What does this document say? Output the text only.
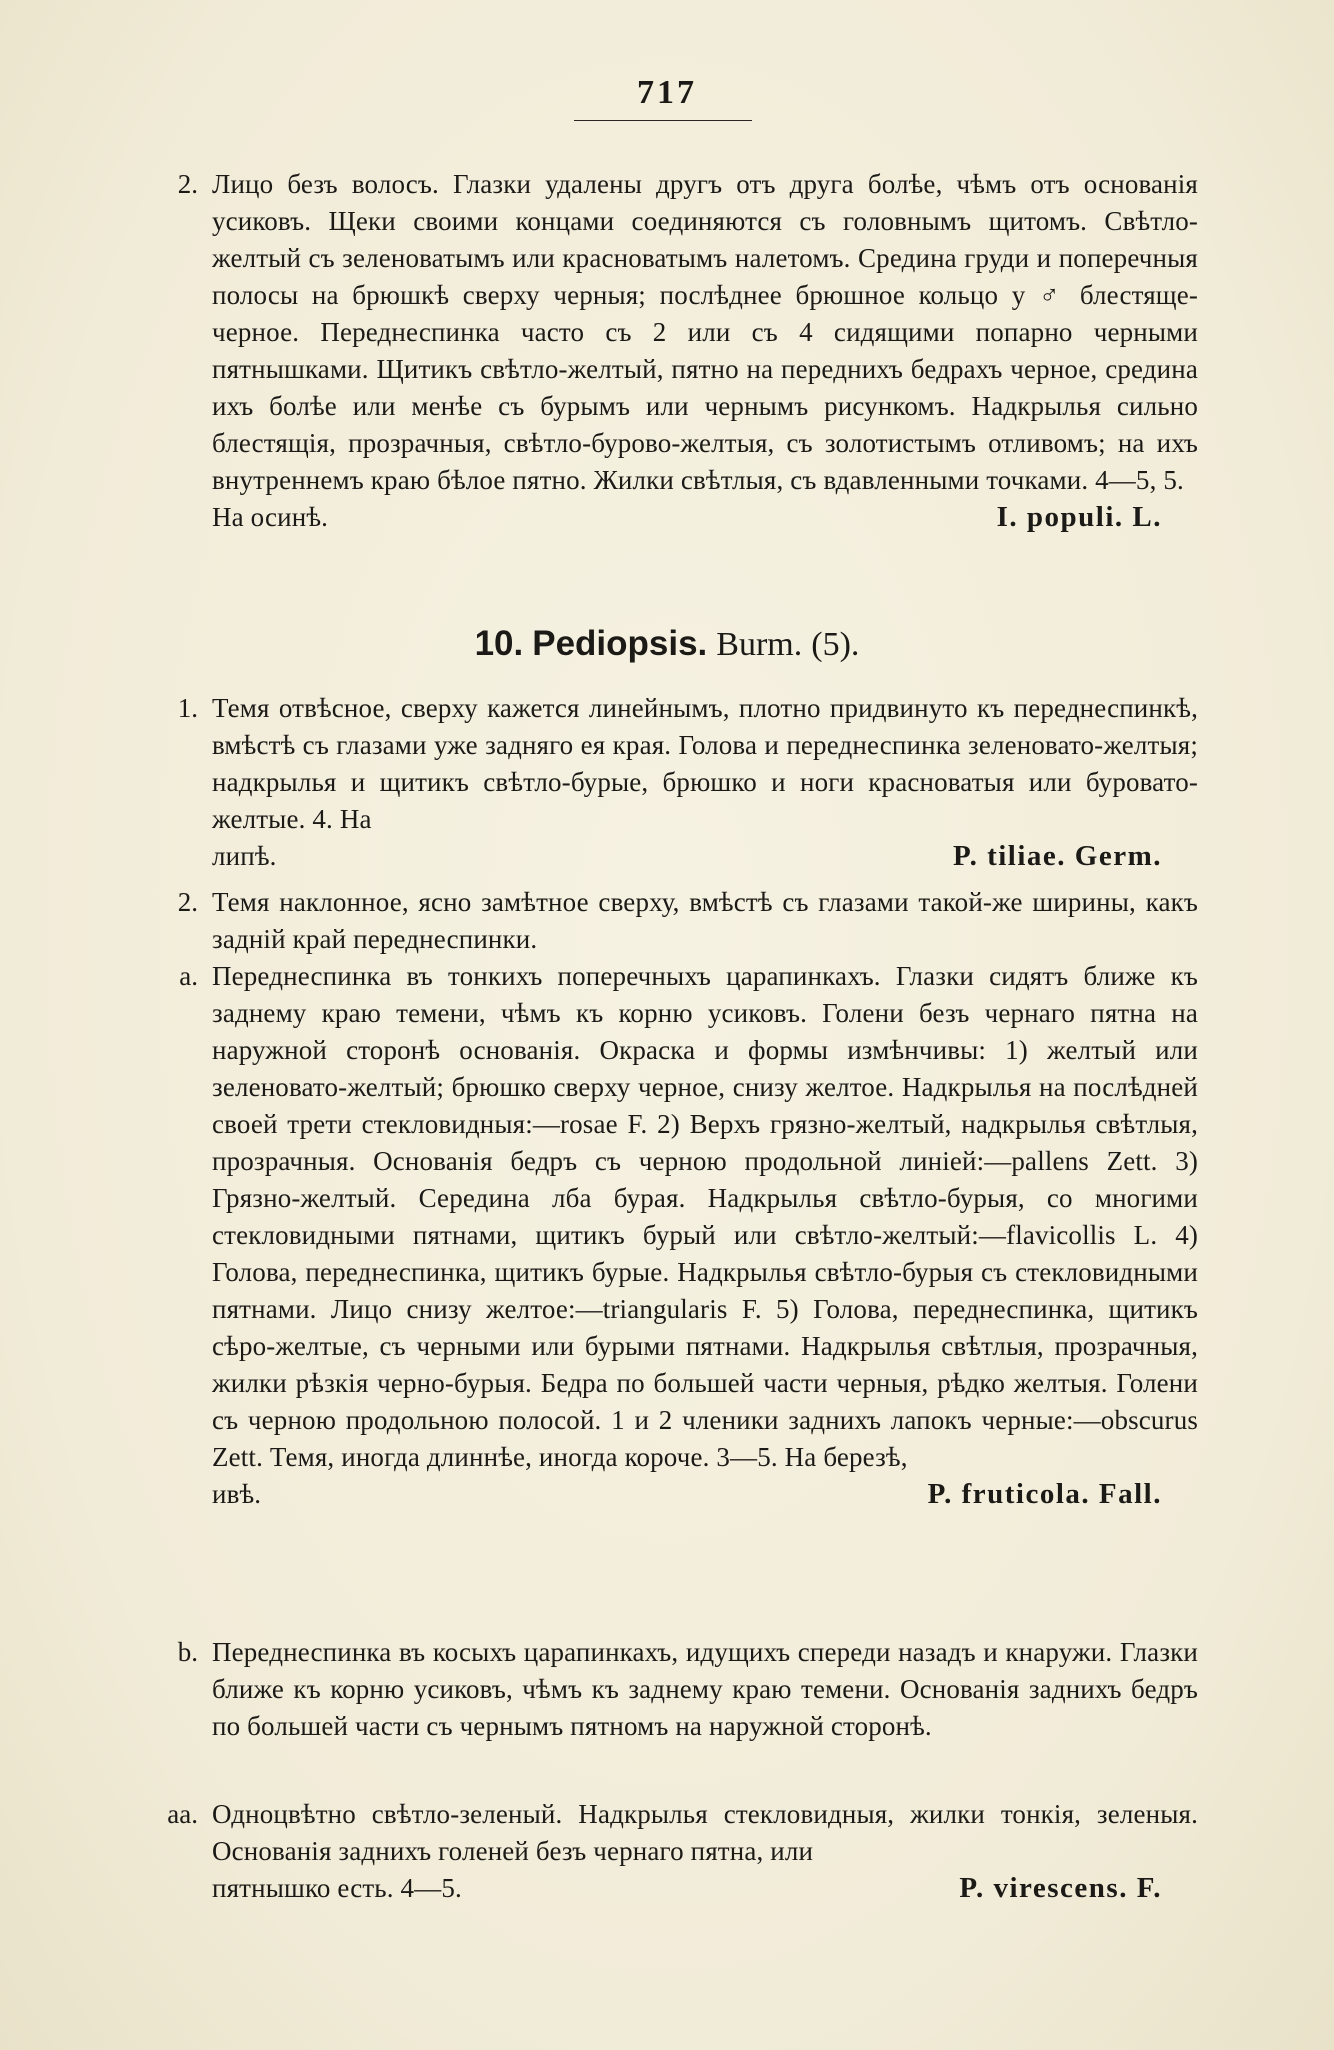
717
2. Лицо безъ волосъ. Глазки удалены другъ отъ друга болѣе, чѣмъ отъ основанія усиковъ. Щеки своими концами соединяются съ головнымъ щитомъ. Свѣтло-желтый съ зеленоватымъ или красноватымъ налетомъ. Средина груди и поперечныя полосы на брюшкѣ сверху черныя; послѣднее брюшное кольцо у ♂ блестяще-черное. Переднеспинка часто съ 2 или съ 4 сидящими попарно черными пятнышками. Щитикъ свѣтло-желтый, пятно на переднихъ бедрахъ черное, средина ихъ болѣе или менѣе съ бурымъ или чернымъ рисункомъ. Надкрылья сильно блестящія, прозрачныя, свѣтло-бурово-желтыя, съ золотистымъ отливомъ; на ихъ внутреннемъ краю бѣлое пятно. Жилки свѣтлыя, съ вдавленными точками. 4—5, 5.
На осинѣ.	I. populi. L.
10. Pediopsis. Burm. (5).
1. Темя отвѣсное, сверху кажется линейнымъ, плотно придвинуто къ переднеспинкѣ, вмѣстѣ съ глазами уже задняго ея края. Голова и переднеспинка зеленовато-желтыя; надкрылья и щитикъ свѣтло-бурые, брюшко и ноги красноватыя или буровато-желтые. 4. На
липѣ.	P. tiliae. Germ.
2. Темя наклонное, ясно замѣтное сверху, вмѣстѣ съ глазами такой-же ширины, какъ задній край переднеспинки.
a. Переднеспинка въ тонкихъ поперечныхъ царапинкахъ. Глазки сидятъ ближе къ заднему краю темени, чѣмъ къ корню усиковъ. Голени безъ чернаго пятна на наружной сторонѣ основанія. Окраска и формы измѣнчивы: 1) желтый или зеленовато-желтый; брюшко сверху черное, снизу желтое. Надкрылья на послѣдней своей трети стекловидныя:—rosae F. 2) Верхъ грязно-желтый, надкрылья свѣтлыя, прозрачныя. Основанія бедръ съ черною продольной линіей:—pallens Zett. 3) Грязно-желтый. Середина лба бурая. Надкрылья свѣтло-бурыя, со многими стекловидными пятнами, щитикъ бурый или свѣтло-желтый:—flavicollis L. 4) Голова, переднеспинка, щитикъ бурые. Надкрылья свѣтло-бурыя съ стекловидными пятнами. Лицо снизу желтое:—triangularis F. 5) Голова, переднеспинка, щитикъ сѣро-желтые, съ черными или бурыми пятнами. Надкрылья свѣтлыя, прозрачныя, жилки рѣзкія черно-бурыя. Бедра по большей части черныя, рѣдко желтыя. Голени съ черною продольною полосой. 1 и 2 членики заднихъ лапокъ черные:—obscurus Zett. Темя, иногда длиннѣе, иногда короче. 3—5. На березѣ,
ивѣ.	P. fruticola. Fall.
b. Переднеспинка въ косыхъ царапинкахъ, идущихъ спереди назадъ и кнаружи. Глазки ближе къ корню усиковъ, чѣмъ къ заднему краю темени. Основанія заднихъ бедръ по большей части съ чернымъ пятномъ на наружной сторонѣ.
aa. Одноцвѣтно свѣтло-зеленый. Надкрылья стекловидныя, жилки тонкія, зеленыя. Основанія заднихъ голеней безъ чернаго пятна, или
пятнышко есть. 4—5.	P. virescens. F.
